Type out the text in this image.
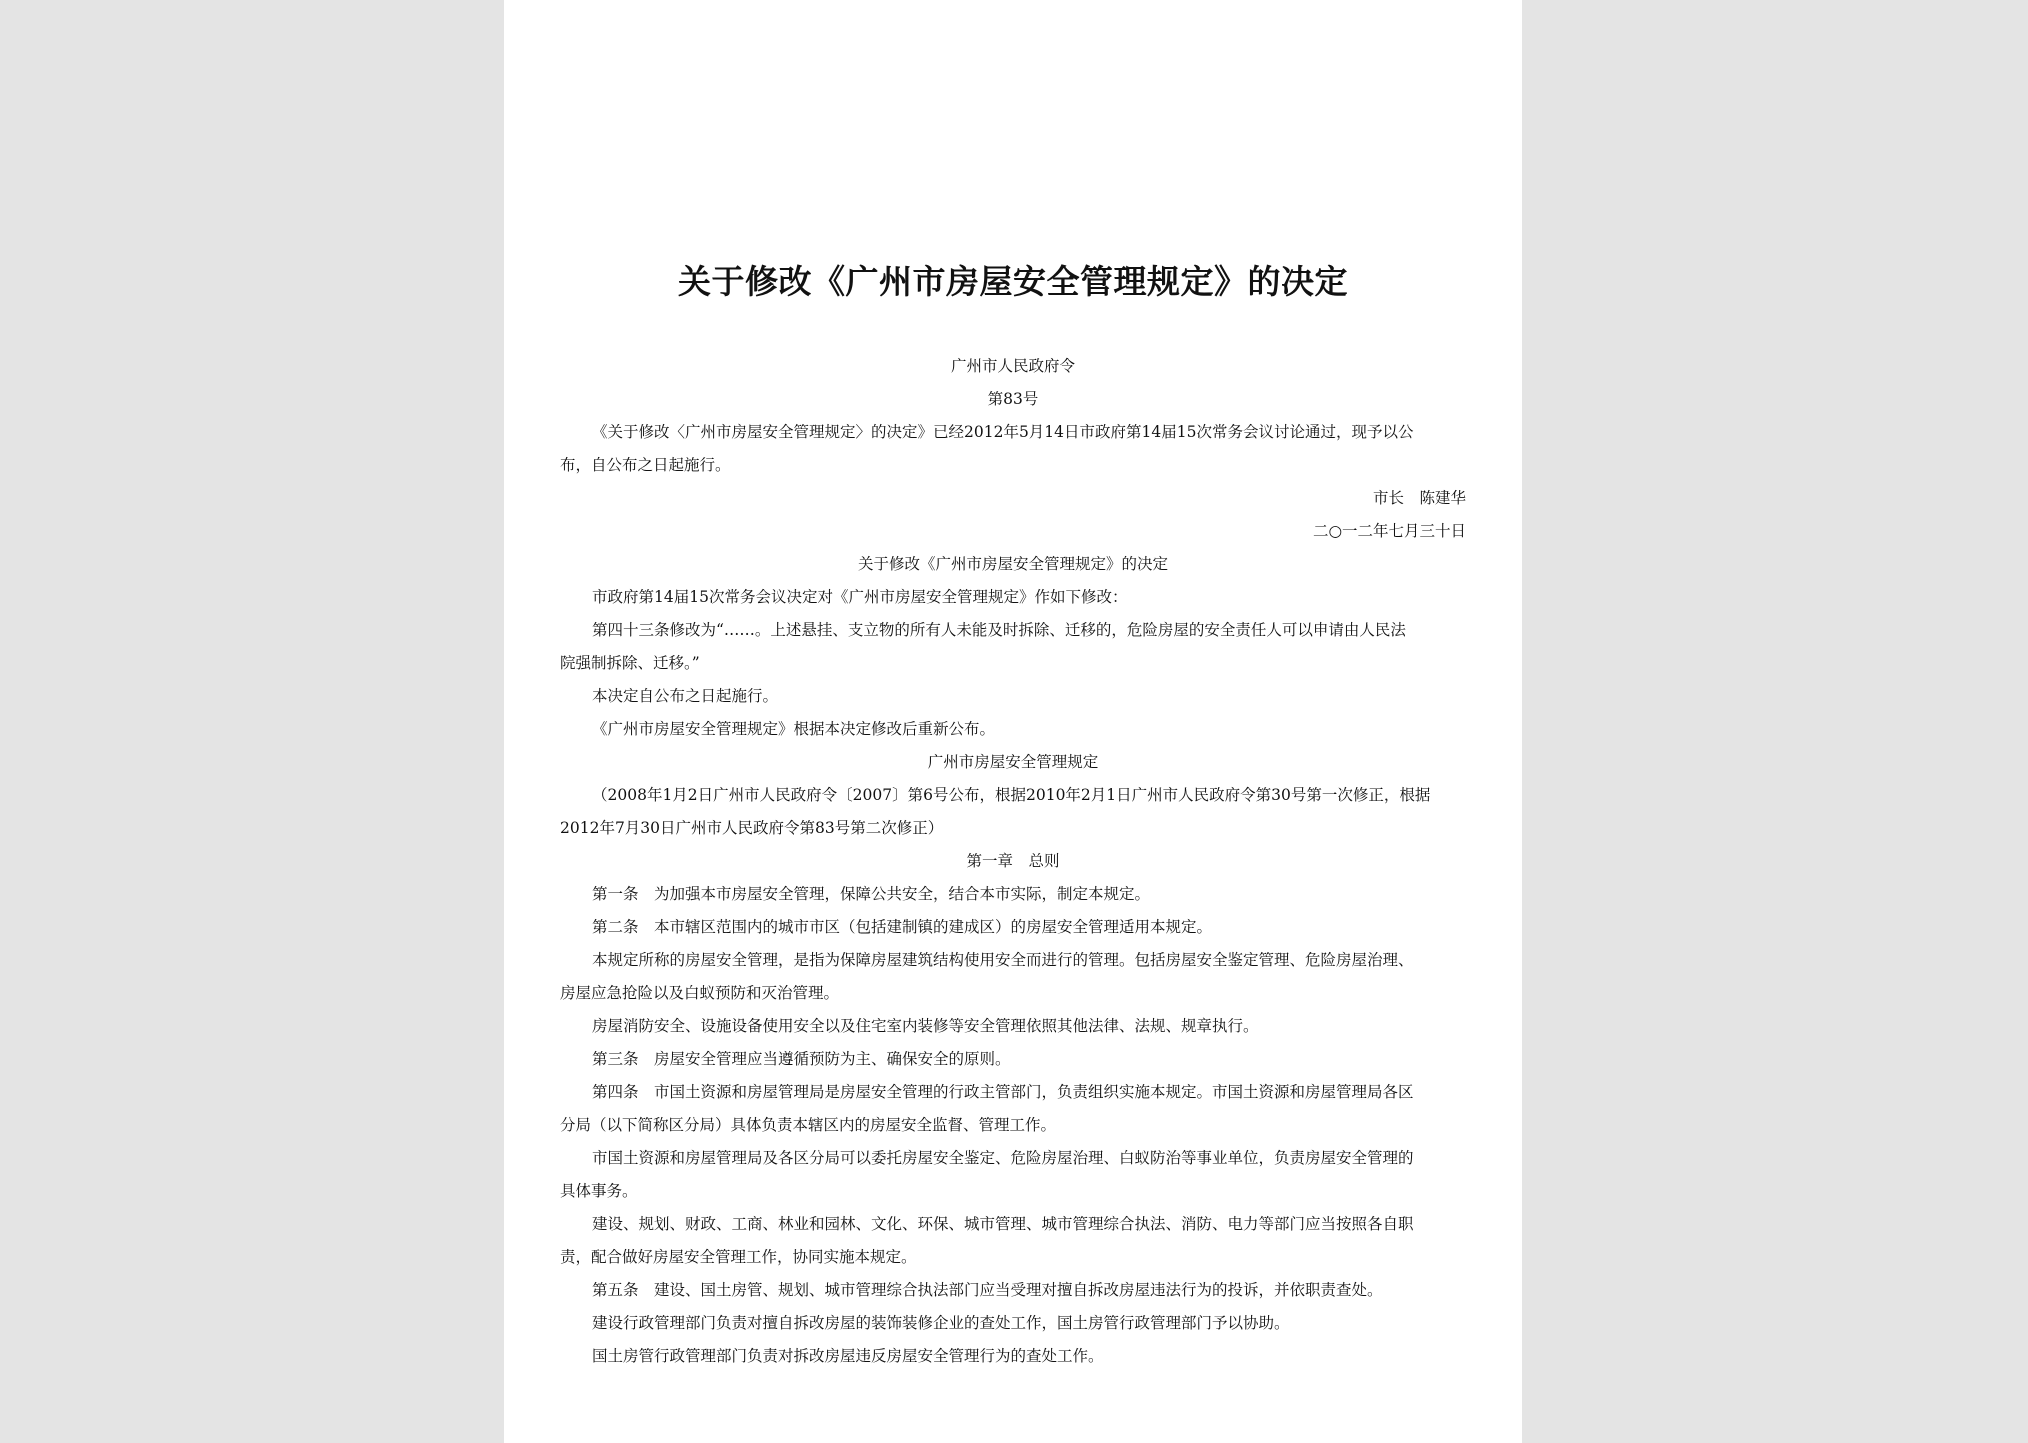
关于修改《广州市房屋安全管理规定》的决定
广州市人民政府令
第83号
《关于修改〈广州市房屋安全管理规定〉的决定》已经2012年5月14日市政府第14届15次常务会议讨论通过，现予以公
布，自公布之日起施行。
市长　陈建华
二○一二年七月三十日
关于修改《广州市房屋安全管理规定》的决定
市政府第14届15次常务会议决定对《广州市房屋安全管理规定》作如下修改：
第四十三条修改为“……。上述悬挂、支立物的所有人未能及时拆除、迁移的，危险房屋的安全责任人可以申请由人民法
院强制拆除、迁移。”
本决定自公布之日起施行。
《广州市房屋安全管理规定》根据本决定修改后重新公布。
广州市房屋安全管理规定
（2008年1月2日广州市人民政府令〔2007〕第6号公布，根据2010年2月1日广州市人民政府令第30号第一次修正，根据
2012年7月30日广州市人民政府令第83号第二次修正）
第一章　总则
第一条　为加强本市房屋安全管理，保障公共安全，结合本市实际，制定本规定。
第二条　本市辖区范围内的城市市区（包括建制镇的建成区）的房屋安全管理适用本规定。
本规定所称的房屋安全管理，是指为保障房屋建筑结构使用安全而进行的管理。包括房屋安全鉴定管理、危险房屋治理、
房屋应急抢险以及白蚁预防和灭治管理。
房屋消防安全、设施设备使用安全以及住宅室内装修等安全管理依照其他法律、法规、规章执行。
第三条　房屋安全管理应当遵循预防为主、确保安全的原则。
第四条　市国土资源和房屋管理局是房屋安全管理的行政主管部门，负责组织实施本规定。市国土资源和房屋管理局各区
分局（以下简称区分局）具体负责本辖区内的房屋安全监督、管理工作。
市国土资源和房屋管理局及各区分局可以委托房屋安全鉴定、危险房屋治理、白蚁防治等事业单位，负责房屋安全管理的
具体事务。
建设、规划、财政、工商、林业和园林、文化、环保、城市管理、城市管理综合执法、消防、电力等部门应当按照各自职
责，配合做好房屋安全管理工作，协同实施本规定。
第五条　建设、国土房管、规划、城市管理综合执法部门应当受理对擅自拆改房屋违法行为的投诉，并依职责查处。
建设行政管理部门负责对擅自拆改房屋的装饰装修企业的查处工作，国土房管行政管理部门予以协助。
国土房管行政管理部门负责对拆改房屋违反房屋安全管理行为的查处工作。
